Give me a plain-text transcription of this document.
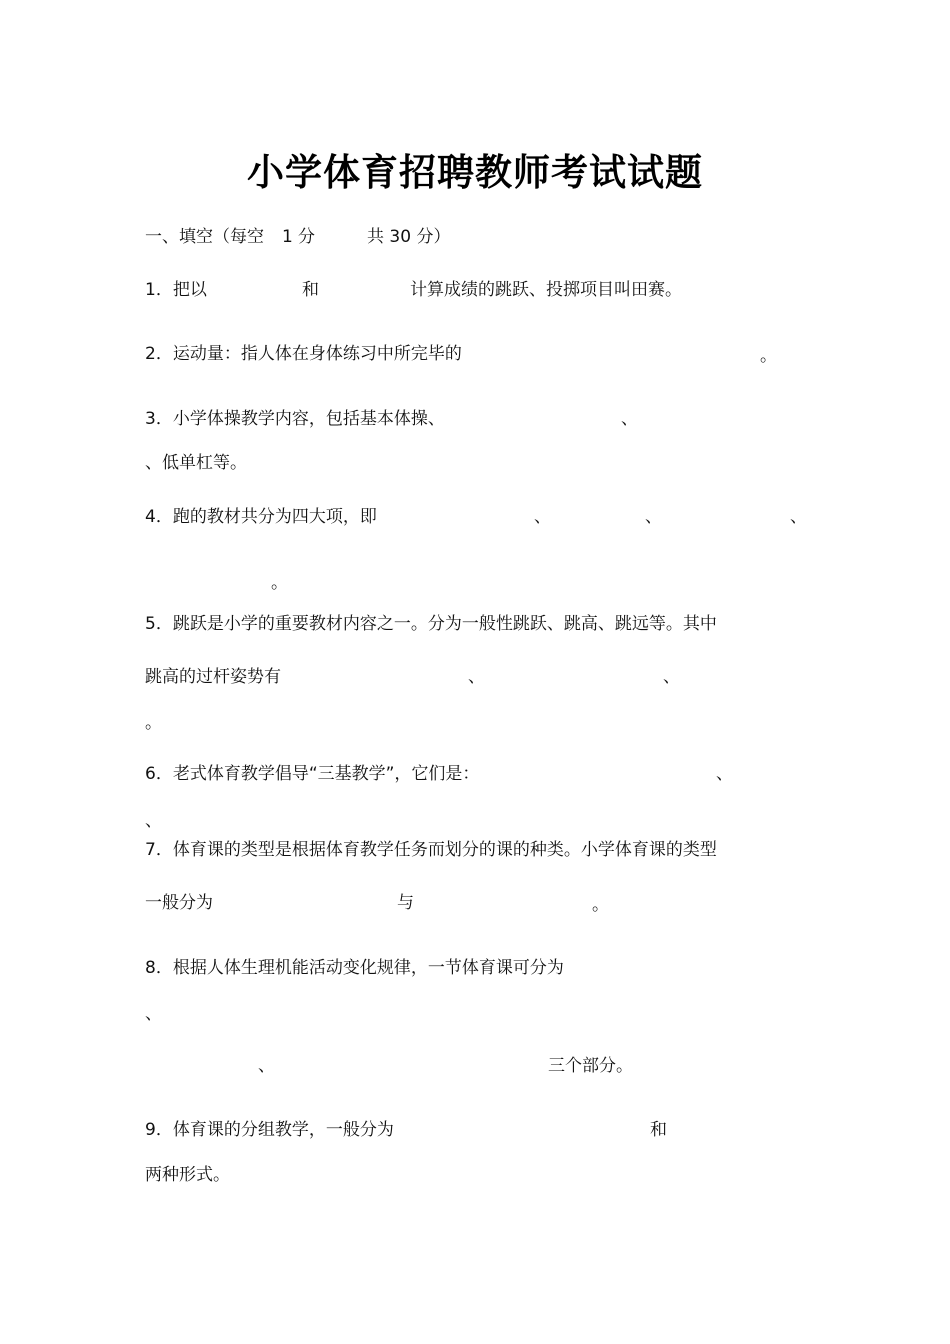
小学体育招聘教师考试试题
一、填空（每空 1 分	共 30 分）
1．把以	和	计算成绩的跳跃、投掷项目叫田赛。
2．运动量：指人体在身体练习中所完毕的	。
3．小学体操教学内容，包括基本体操、	、
、低单杠等。
4．跑的教材共分为四大项，即	、	、	、
。
5．跳跃是小学的重要教材内容之一。分为一般性跳跃、跳高、跳远等。其中
跳高的过杆姿势有	、	、
。
6．老式体育教学倡导“三基教学”，它们是：	、
、
7．体育课的类型是根据体育教学任务而划分的课的种类。小学体育课的类型
一般分为	与	。
8．根据人体生理机能活动变化规律，一节体育课可分为
、
、	三个部分。
9．体育课的分组教学，一般分为	和
两种形式。
